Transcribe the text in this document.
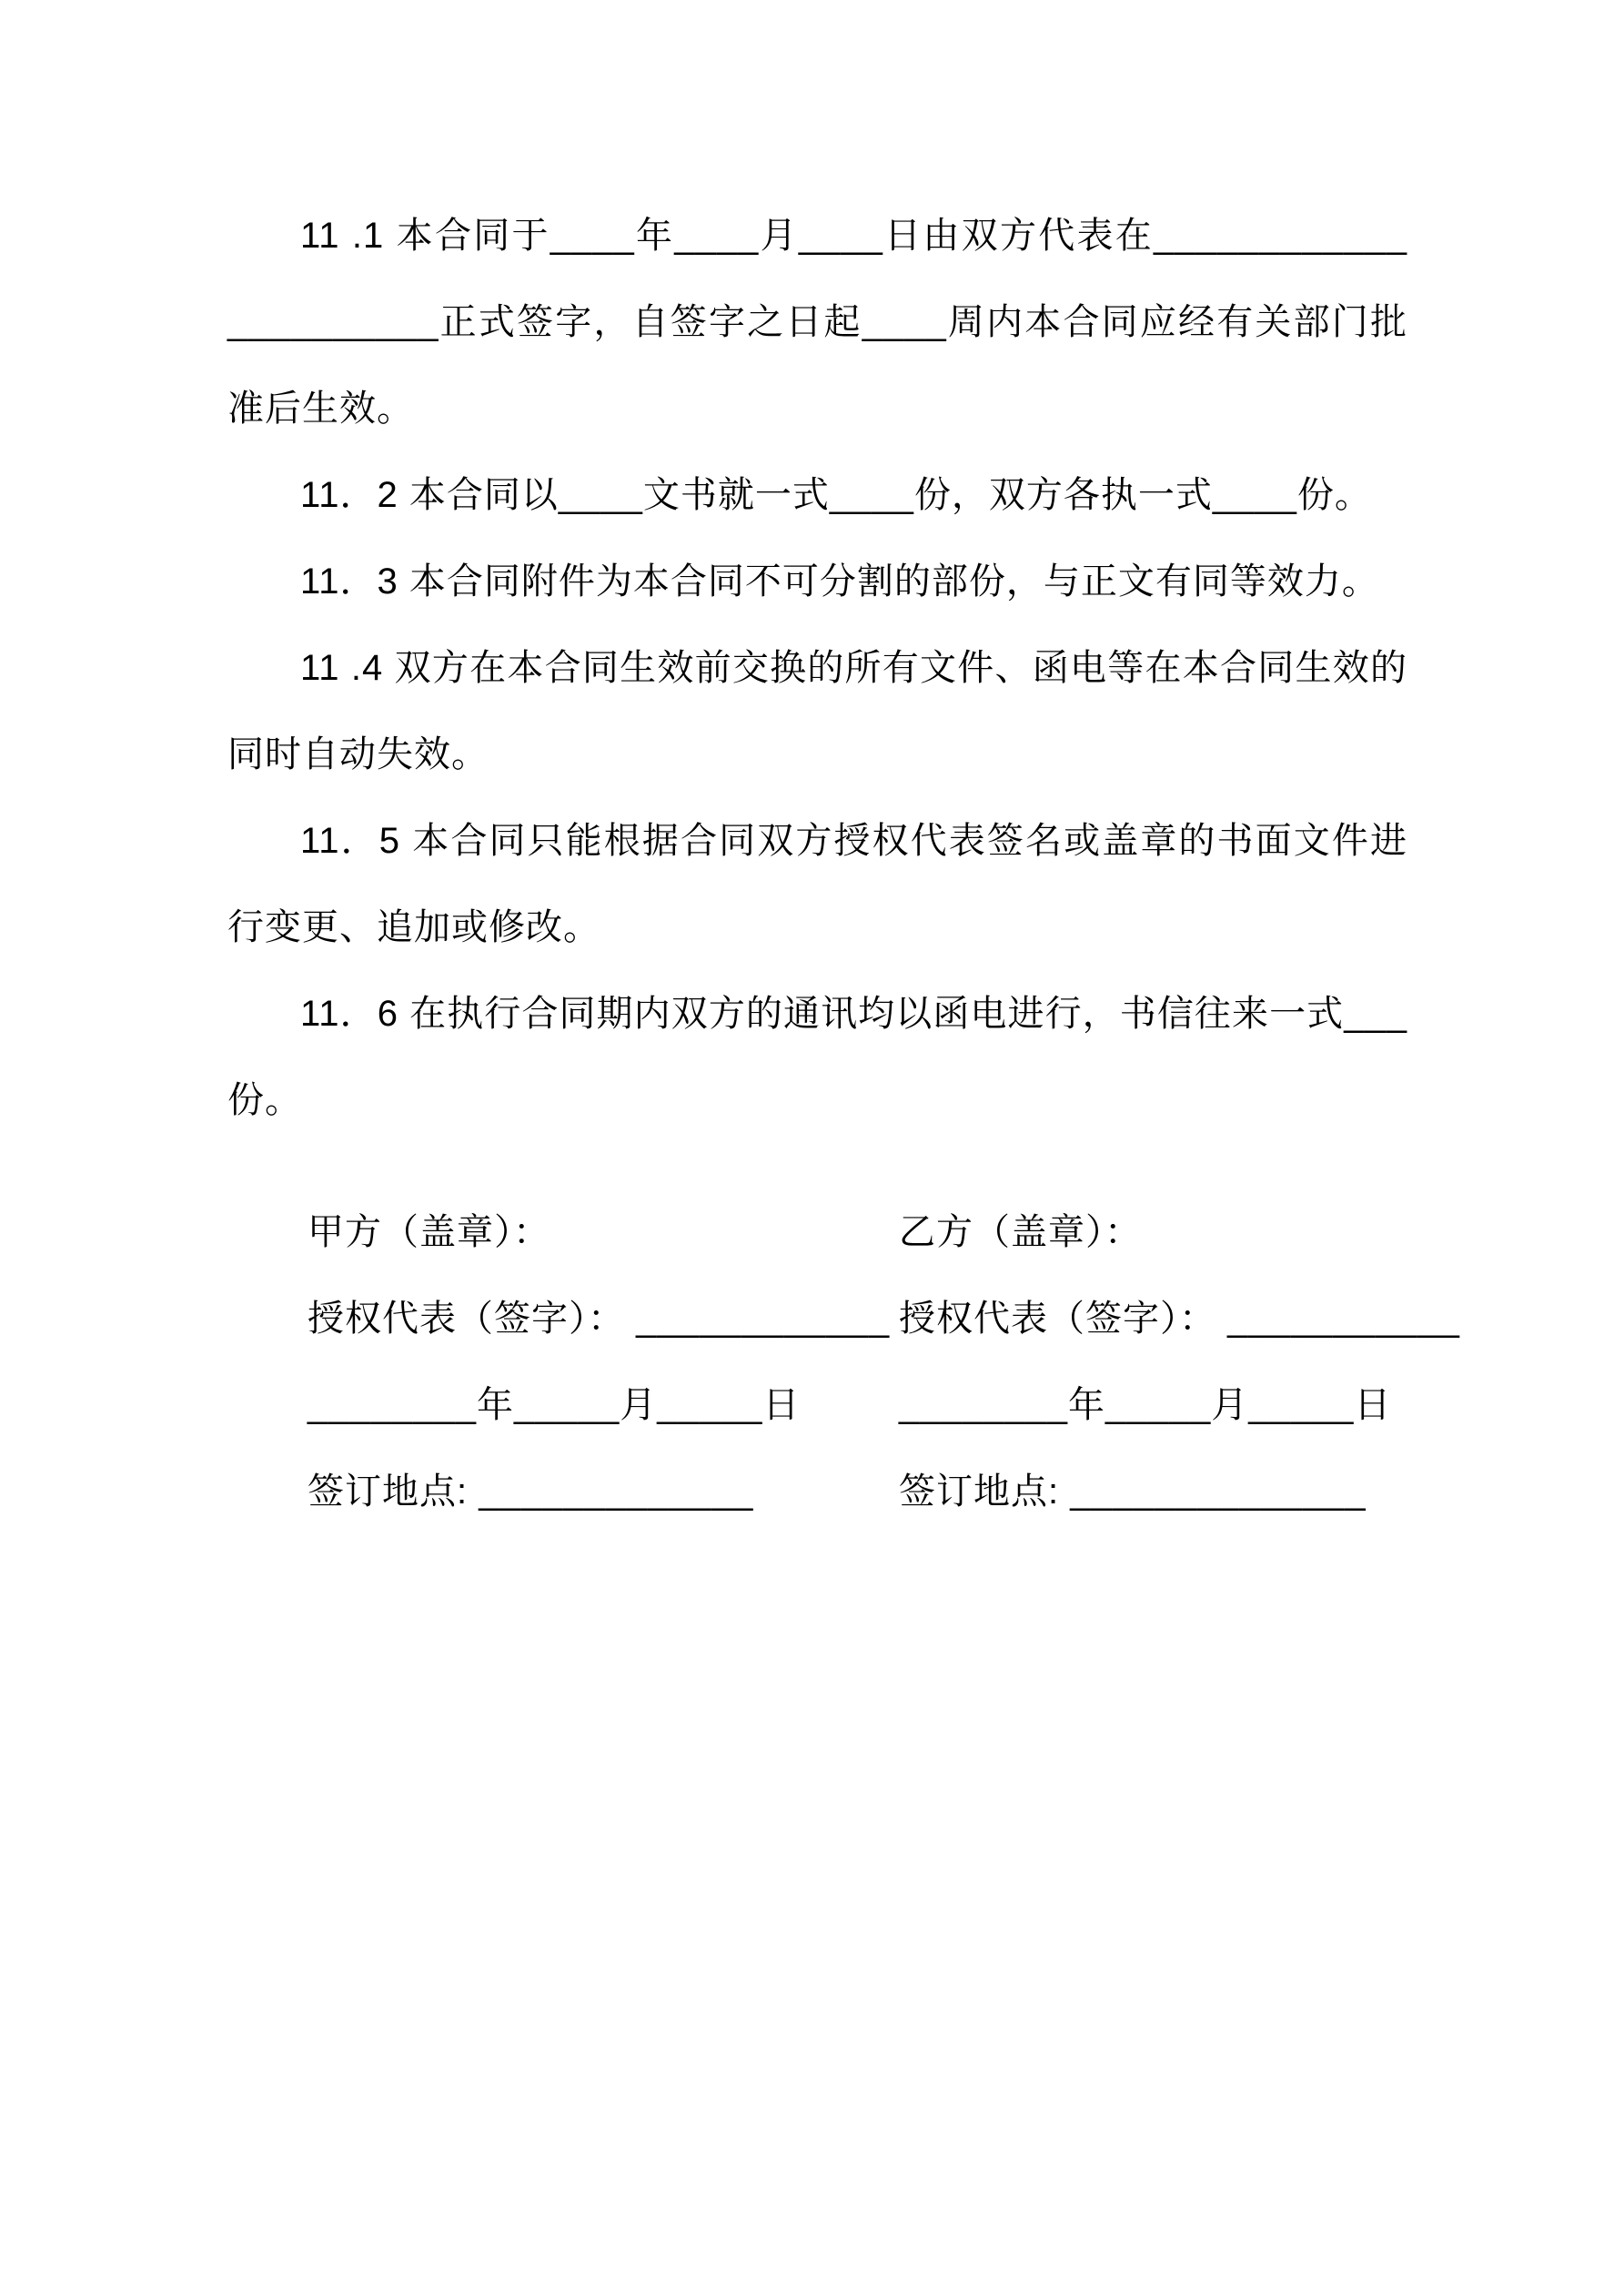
11 .1 本合同于____年____月____日由双方代表在______________________正式签字，自签字之日起____周内本合同应经有关部门批准后生效。

11．2 本合同以____文书就一式____份，双方各执一式____份。

11．3 本合同附件为本合同不可分割的部份，与正文有同等效力。

11 .4 双方在本合同生效前交换的所有文件、函电等在本合同生效的同时自动失效。

11．5 本合同只能根据合同双方授权代表签名或盖章的书面文件进行变更、追加或修改。

11．6 在执行合同期内双方的通讯均以函电进行，书信往来一式___份。

甲方（盖章）：

授权代表（签字）： ____________

________年_____月_____日

签订地点: _____________

乙方（盖章）：

授权代表（签字）： ___________

________年_____月_____日

签订地点: ______________
